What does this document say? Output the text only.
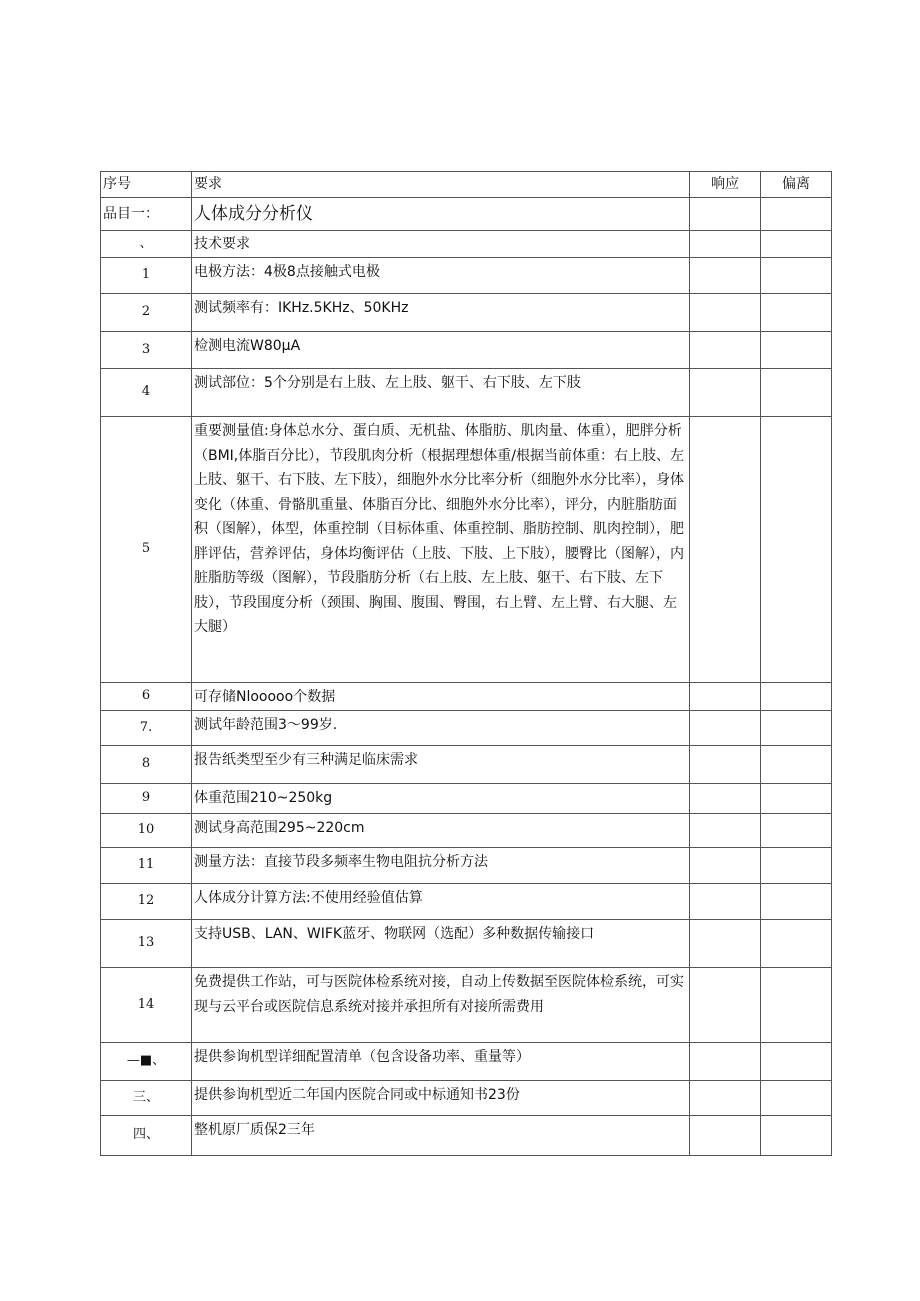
序号	要求	响应	偏离
品目一：	人体成分分析仪		
、	技术要求		
1	电极方法：4极8点接触式电极		
2	测试频率有：IKHz.5KHz、50KHz		
3	检测电流W80μA		
4	测试部位：5个分别是右上肢、左上肢、躯干、右下肢、左下肢		
5	重要测量值:身体总水分、蛋白质、无机盐、体脂肪、肌肉量、体重），肥胖分析（BMI,体脂百分比），节段肌肉分析（根据理想体重/根据当前体重：右上肢、左上肢、躯干、右下肢、左下肢），细胞外水分比率分析（细胞外水分比率），身体变化（体重、骨骼肌重量、体脂百分比、细胞外水分比率），评分，内脏脂肪面积（图解），体型，体重控制（目标体重、体重控制、脂肪控制、肌肉控制），肥胖评估，营养评估，身体均衡评估（上肢、下肢、上下肢），腰臀比（图解），内脏脂肪等级（图解），节段脂肪分析（右上肢、左上肢、躯干、右下肢、左下肢），节段围度分析（颈围、胸围、腹围、臀围，右上臂、左上臂、右大腿、左大腿）		
6	可存储Nlooooo个数据		
7.	测试年龄范围3～99岁.		
8	报告纸类型至少有三种满足临床需求		
9	体重范围210~250kg		
10	测试身高范围295~220cm		
11	测量方法：直接节段多频率生物电阻抗分析方法		
12	人体成分计算方法:不使用经验值估算		
13	支持USB、LAN、WIFK蓝牙、物联网（选配）多种数据传输接口		
14	免费提供工作站，可与医院体检系统对接，自动上传数据至医院体检系统，可实现与云平台或医院信息系统对接并承担所有对接所需费用		
—■、	提供参询机型详细配置清单（包含设备功率、重量等）		
三、	提供参询机型近二年国内医院合同或中标通知书23份		
四、	整机原厂质保2三年		
